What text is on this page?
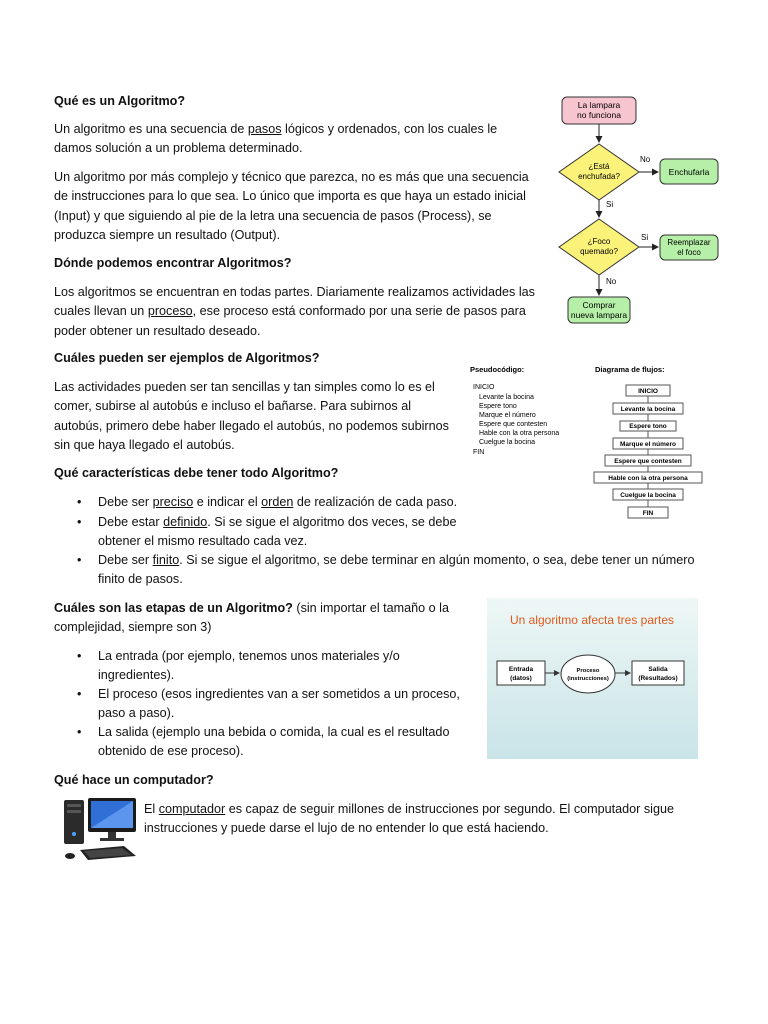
Qué es un Algoritmo?

Un algoritmo es una secuencia de pasos lógicos y ordenados, con los cuales le damos solución a un problema determinado.

Un algoritmo por más complejo y técnico que parezca, no es más que una secuencia de instrucciones para lo que sea. Lo único que importa es que haya un estado inicial (Input) y que siguiendo al pie de la letra una secuencia de pasos (Process), se produzca siempre un resultado (Output).

Dónde podemos encontrar Algoritmos?

Los algoritmos se encuentran en todas partes. Diariamente realizamos actividades las cuales llevan un proceso, ese proceso está conformado por una serie de pasos para poder obtener un resultado deseado.

Cuáles pueden ser ejemplos de Algoritmos?

Las actividades pueden ser tan sencillas y tan simples como lo es el comer, subirse al autobús e incluso el bañarse. Para subirnos al autobús, primero debe haber llegado el autobús, no podemos subirnos sin que haya llegado el autobús.

Qué características debe tener todo Algoritmo?

• Debe ser preciso e indicar el orden de realización de cada paso.

• Debe estar definido. Si se sigue el algoritmo dos veces, se debe obtener el mismo resultado cada vez.

• Debe ser finito. Si se sigue el algoritmo, se debe terminar en algún momento, o sea, debe tener un número finito de pasos.

Cuáles son las etapas de un Algoritmo? (sin importar el tamaño o la complejidad, siempre son 3)

• La entrada (por ejemplo, tenemos unos materiales y/o ingredientes).

• El proceso (esos ingredientes van a ser sometidos a un proceso, paso a paso).

• La salida (ejemplo una bebida o comida, la cual es el resultado obtenido de ese proceso).

Qué hace un computador?

El computador es capaz de seguir millones de instrucciones por segundo. El computador sigue instrucciones y puede darse el lujo de no entender lo que está haciendo.

La lampara
no funciona
¿Está
enchufada?
No
Enchufarla
Si
¿Foco
quemado?
Si
Reemplazar
el foco
No
Comprar
nueva lampara
Pseudocódigo:
INICIO
Levante la bocina
Espere tono
Marque el número
Espere que contesten
Hable con la otra persona
Cuelgue la bocina
FIN
Diagrama de flujos:
INICIO
Levante la bocina
Espere tono
Marque el número
Espere que contesten
Hable con la otra persona
Cuelgue la bocina
FIN
Un algoritmo afecta tres partes
Entrada
(datos)
Proceso
(instrucciones)
Salida
(Resultados)
